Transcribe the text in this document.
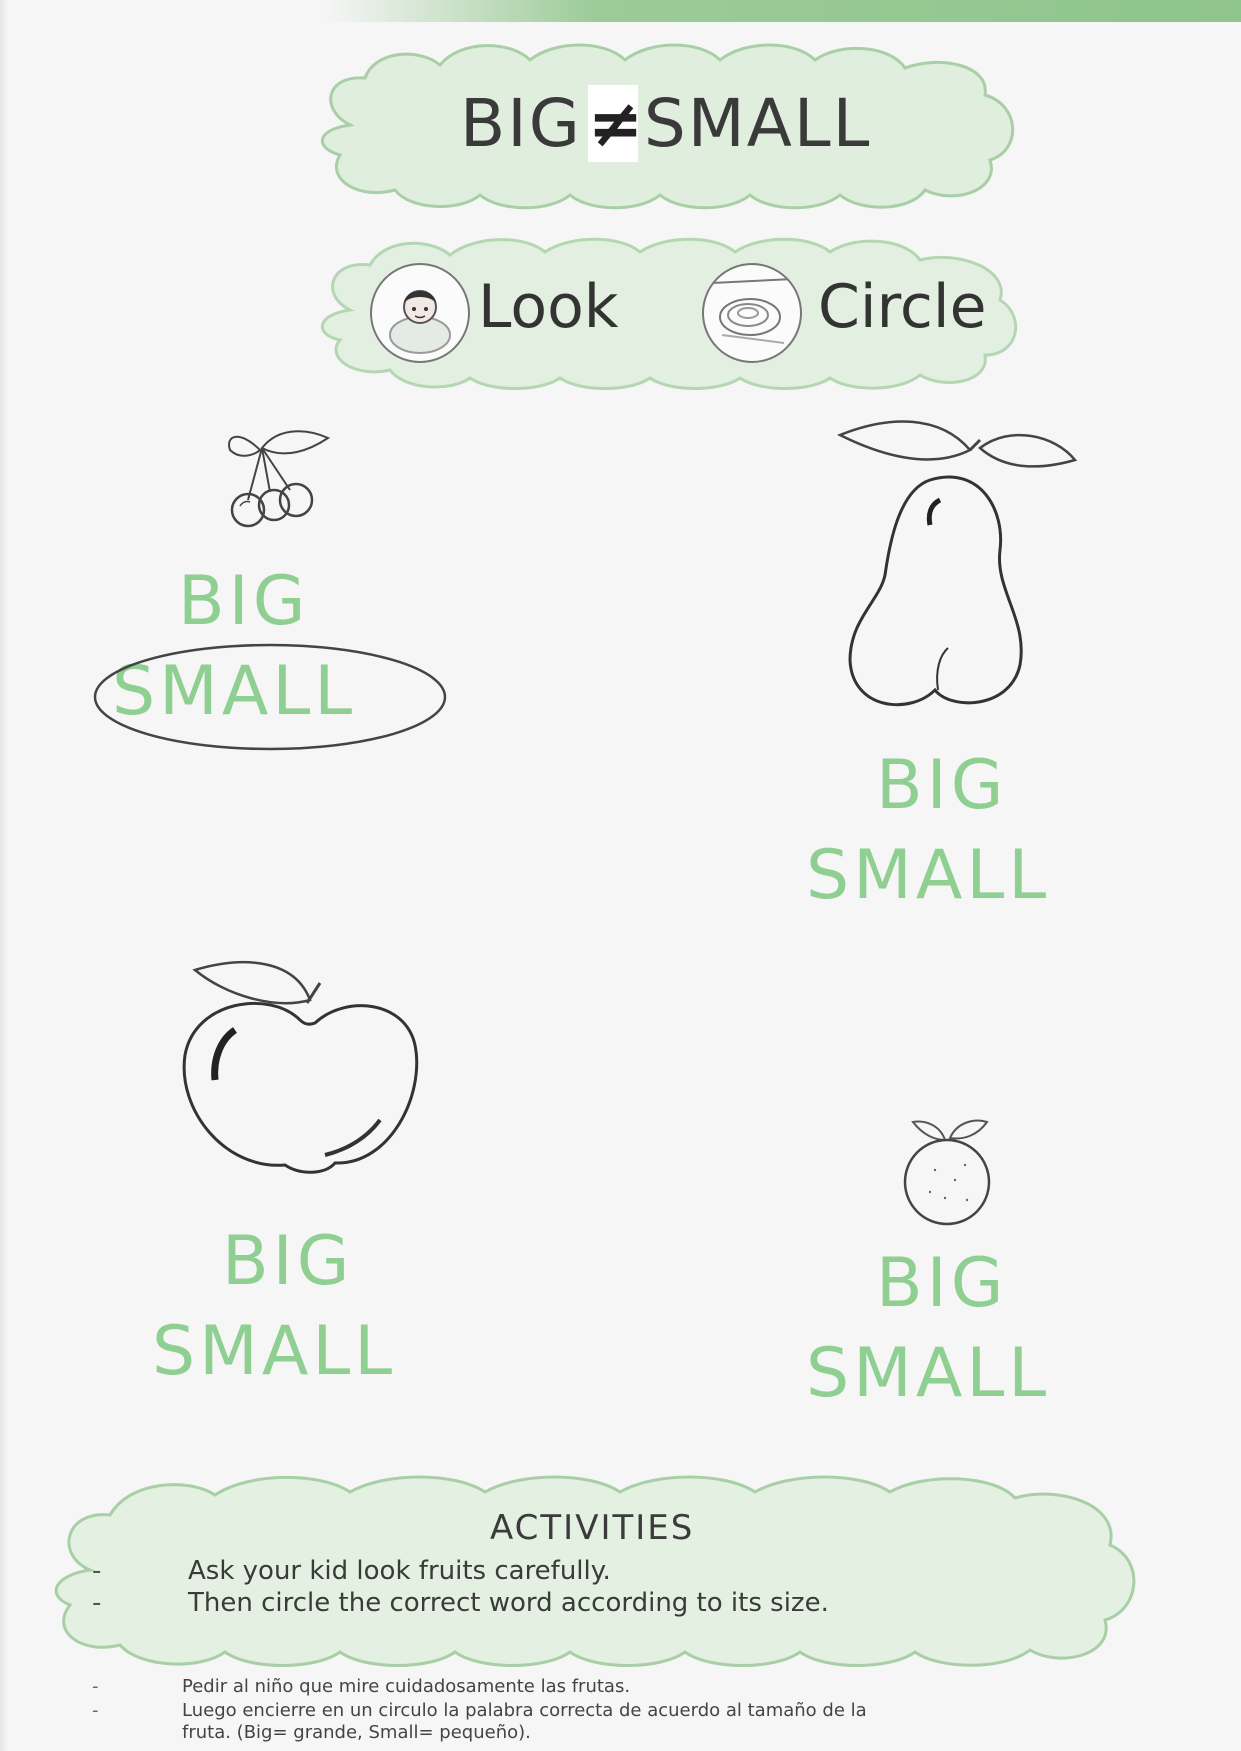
BIG≠SMALL
Look	Circle
BIG
SMALL
BIG
SMALL
BIG
SMALL
BIG
SMALL
ACTIVITIES
-	Ask your kid look fruits carefully.
-	Then circle the correct word according to its size.
-	Pedir al niño que mire cuidadosamente las frutas.
-	Luego encierre en un circulo la palabra correcta de acuerdo al tamaño de la
fruta. (Big= grande, Small= pequeño).
